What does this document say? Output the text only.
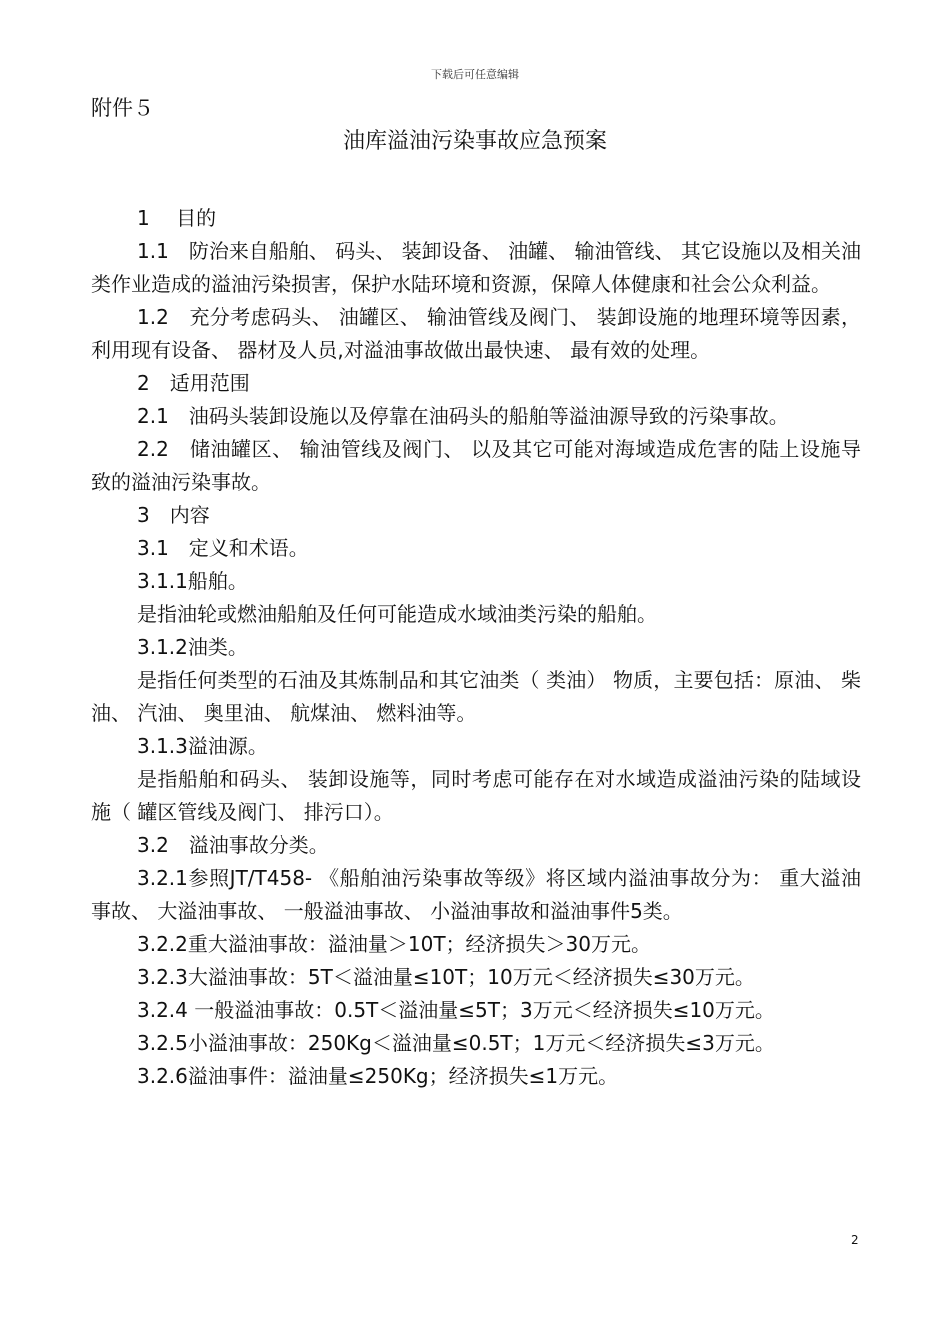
下载后可任意编辑
附件５
油库溢油污染事故应急预案

1　 目的

1.1　防治来自船舶、 码头、 装卸设备、 油罐、 输油管线、 其它设施以及相关油类作业造成的溢油污染损害，保护水陆环境和资源，保障人体健康和社会公众利益。

1.2　充分考虑码头、 油罐区、 输油管线及阀门、 装卸设施的地理环境等因素，利用现有设备、 器材及人员,对溢油事故做出最快速、 最有效的处理。

2　适用范围

2.1　油码头装卸设施以及停靠在油码头的船舶等溢油源导致的污染事故。

2.2　储油罐区、 输油管线及阀门、 以及其它可能对海域造成危害的陆上设施导致的溢油污染事故。

3　内容

3.1　定义和术语。

3.1.1船舶。

是指油轮或燃油船舶及任何可能造成水域油类污染的船舶。

3.1.2油类。

是指任何类型的石油及其炼制品和其它油类（ 类油） 物质，主要包括：原油、 柴油、 汽油、 奥里油、 航煤油、 燃料油等。

3.1.3溢油源。

是指船舶和码头、 装卸设施等，同时考虑可能存在对水域造成溢油污染的陆域设施（ 罐区管线及阀门、 排污口）。

3.2　溢油事故分类。

3.2.1参照JT/T458- 《船舶油污染事故等级》将区域内溢油事故分为： 重大溢油事故、 大溢油事故、 一般溢油事故、 小溢油事故和溢油事件5类。

3.2.2重大溢油事故：溢油量＞10T；经济损失＞30万元。

3.2.3大溢油事故：5T＜溢油量≤10T；10万元＜经济损失≤30万元。

3.2.4 一般溢油事故：0.5T＜溢油量≤5T；3万元＜经济损失≤10万元。

3.2.5小溢油事故：250Kg＜溢油量≤0.5T；1万元＜经济损失≤3万元。

3.2.6溢油事件：溢油量≤250Kg；经济损失≤1万元。

2
